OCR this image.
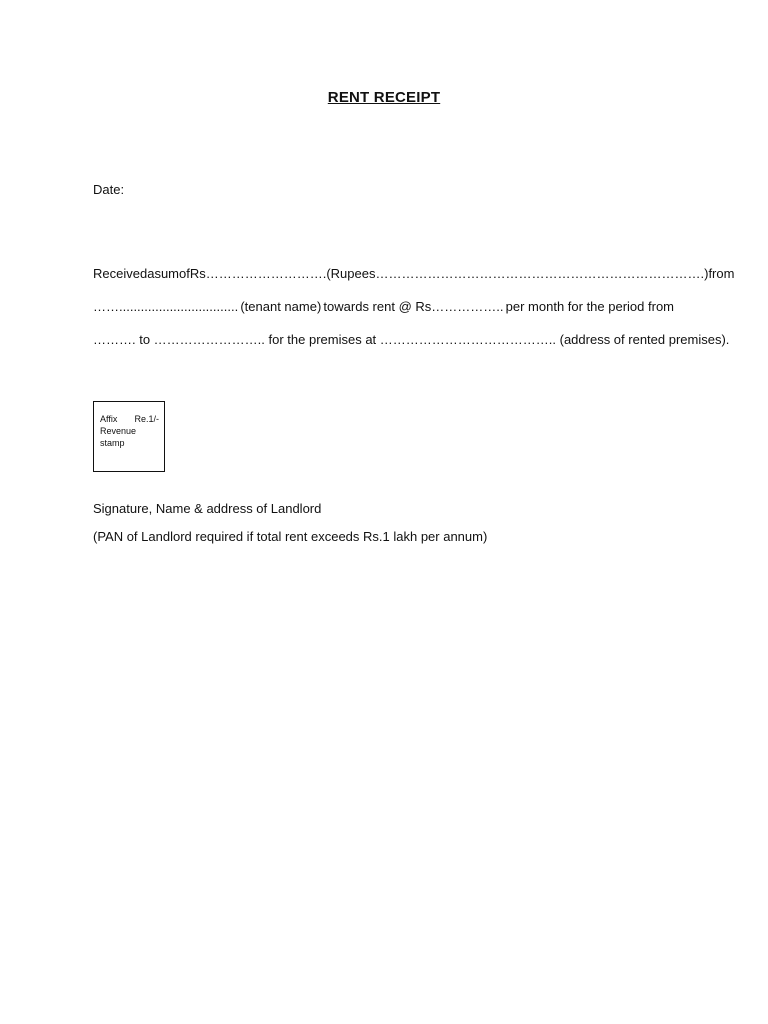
RENT RECEIPT
Date:
Received a sum of Rs………………………. (Rupees ………………………………………………………………….) from
……................................. (tenant name) towards rent @ Rs…………….. per month for the period from
………. to …………………….. for the premises at ………………………………….. (address of rented premises).
Affix Re.1/-
Revenue
stamp
Signature, Name & address of Landlord
(PAN of Landlord required if total rent exceeds Rs.1 lakh per annum)
